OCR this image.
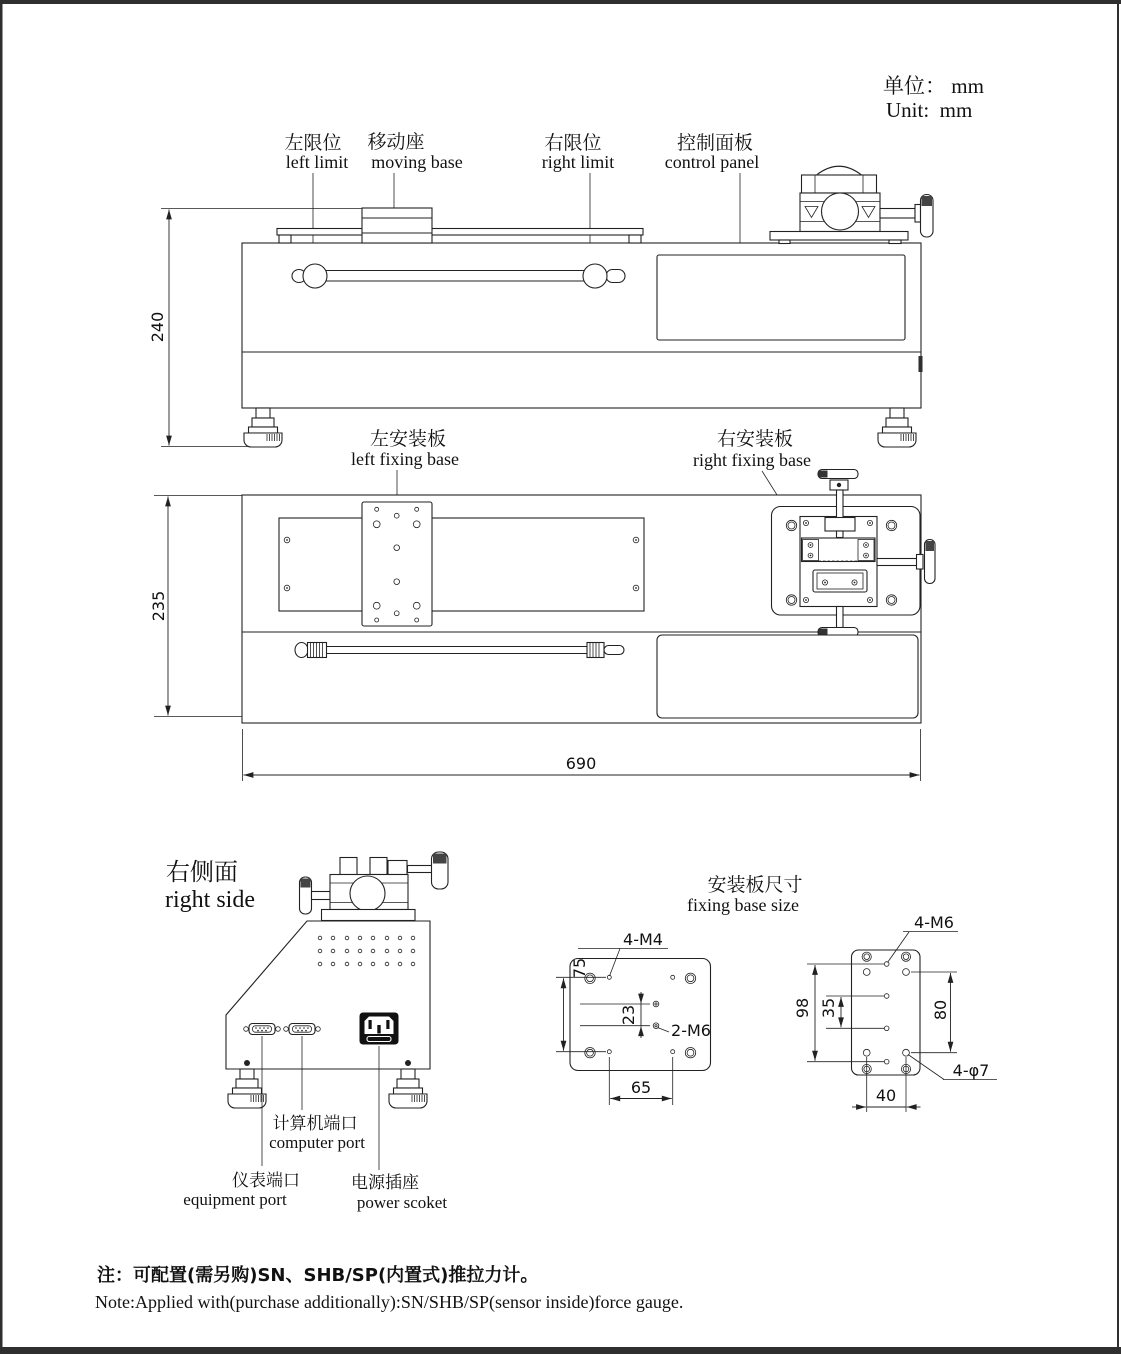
单位： mm
Unit:  mm
左限位
left limit
移动座
moving base
右限位
right limit
控制面板
control panel
240
左安装板
left fixing base
右安装板
right fixing base
235
690
右侧面
right side
计算机端口
computer port
仪表端口
equipment port
电源插座
power scoket
安装板尺寸
fixing base size
4-M4
75
23
2-M6
65
4-M6
98 35	80
4-φ7
40
注：可配置(需另购)SN、SHB/SP(内置式)推拉力计。
Note:Applied with(purchase additionally):SN/SHB/SP(sensor inside)force gauge.
